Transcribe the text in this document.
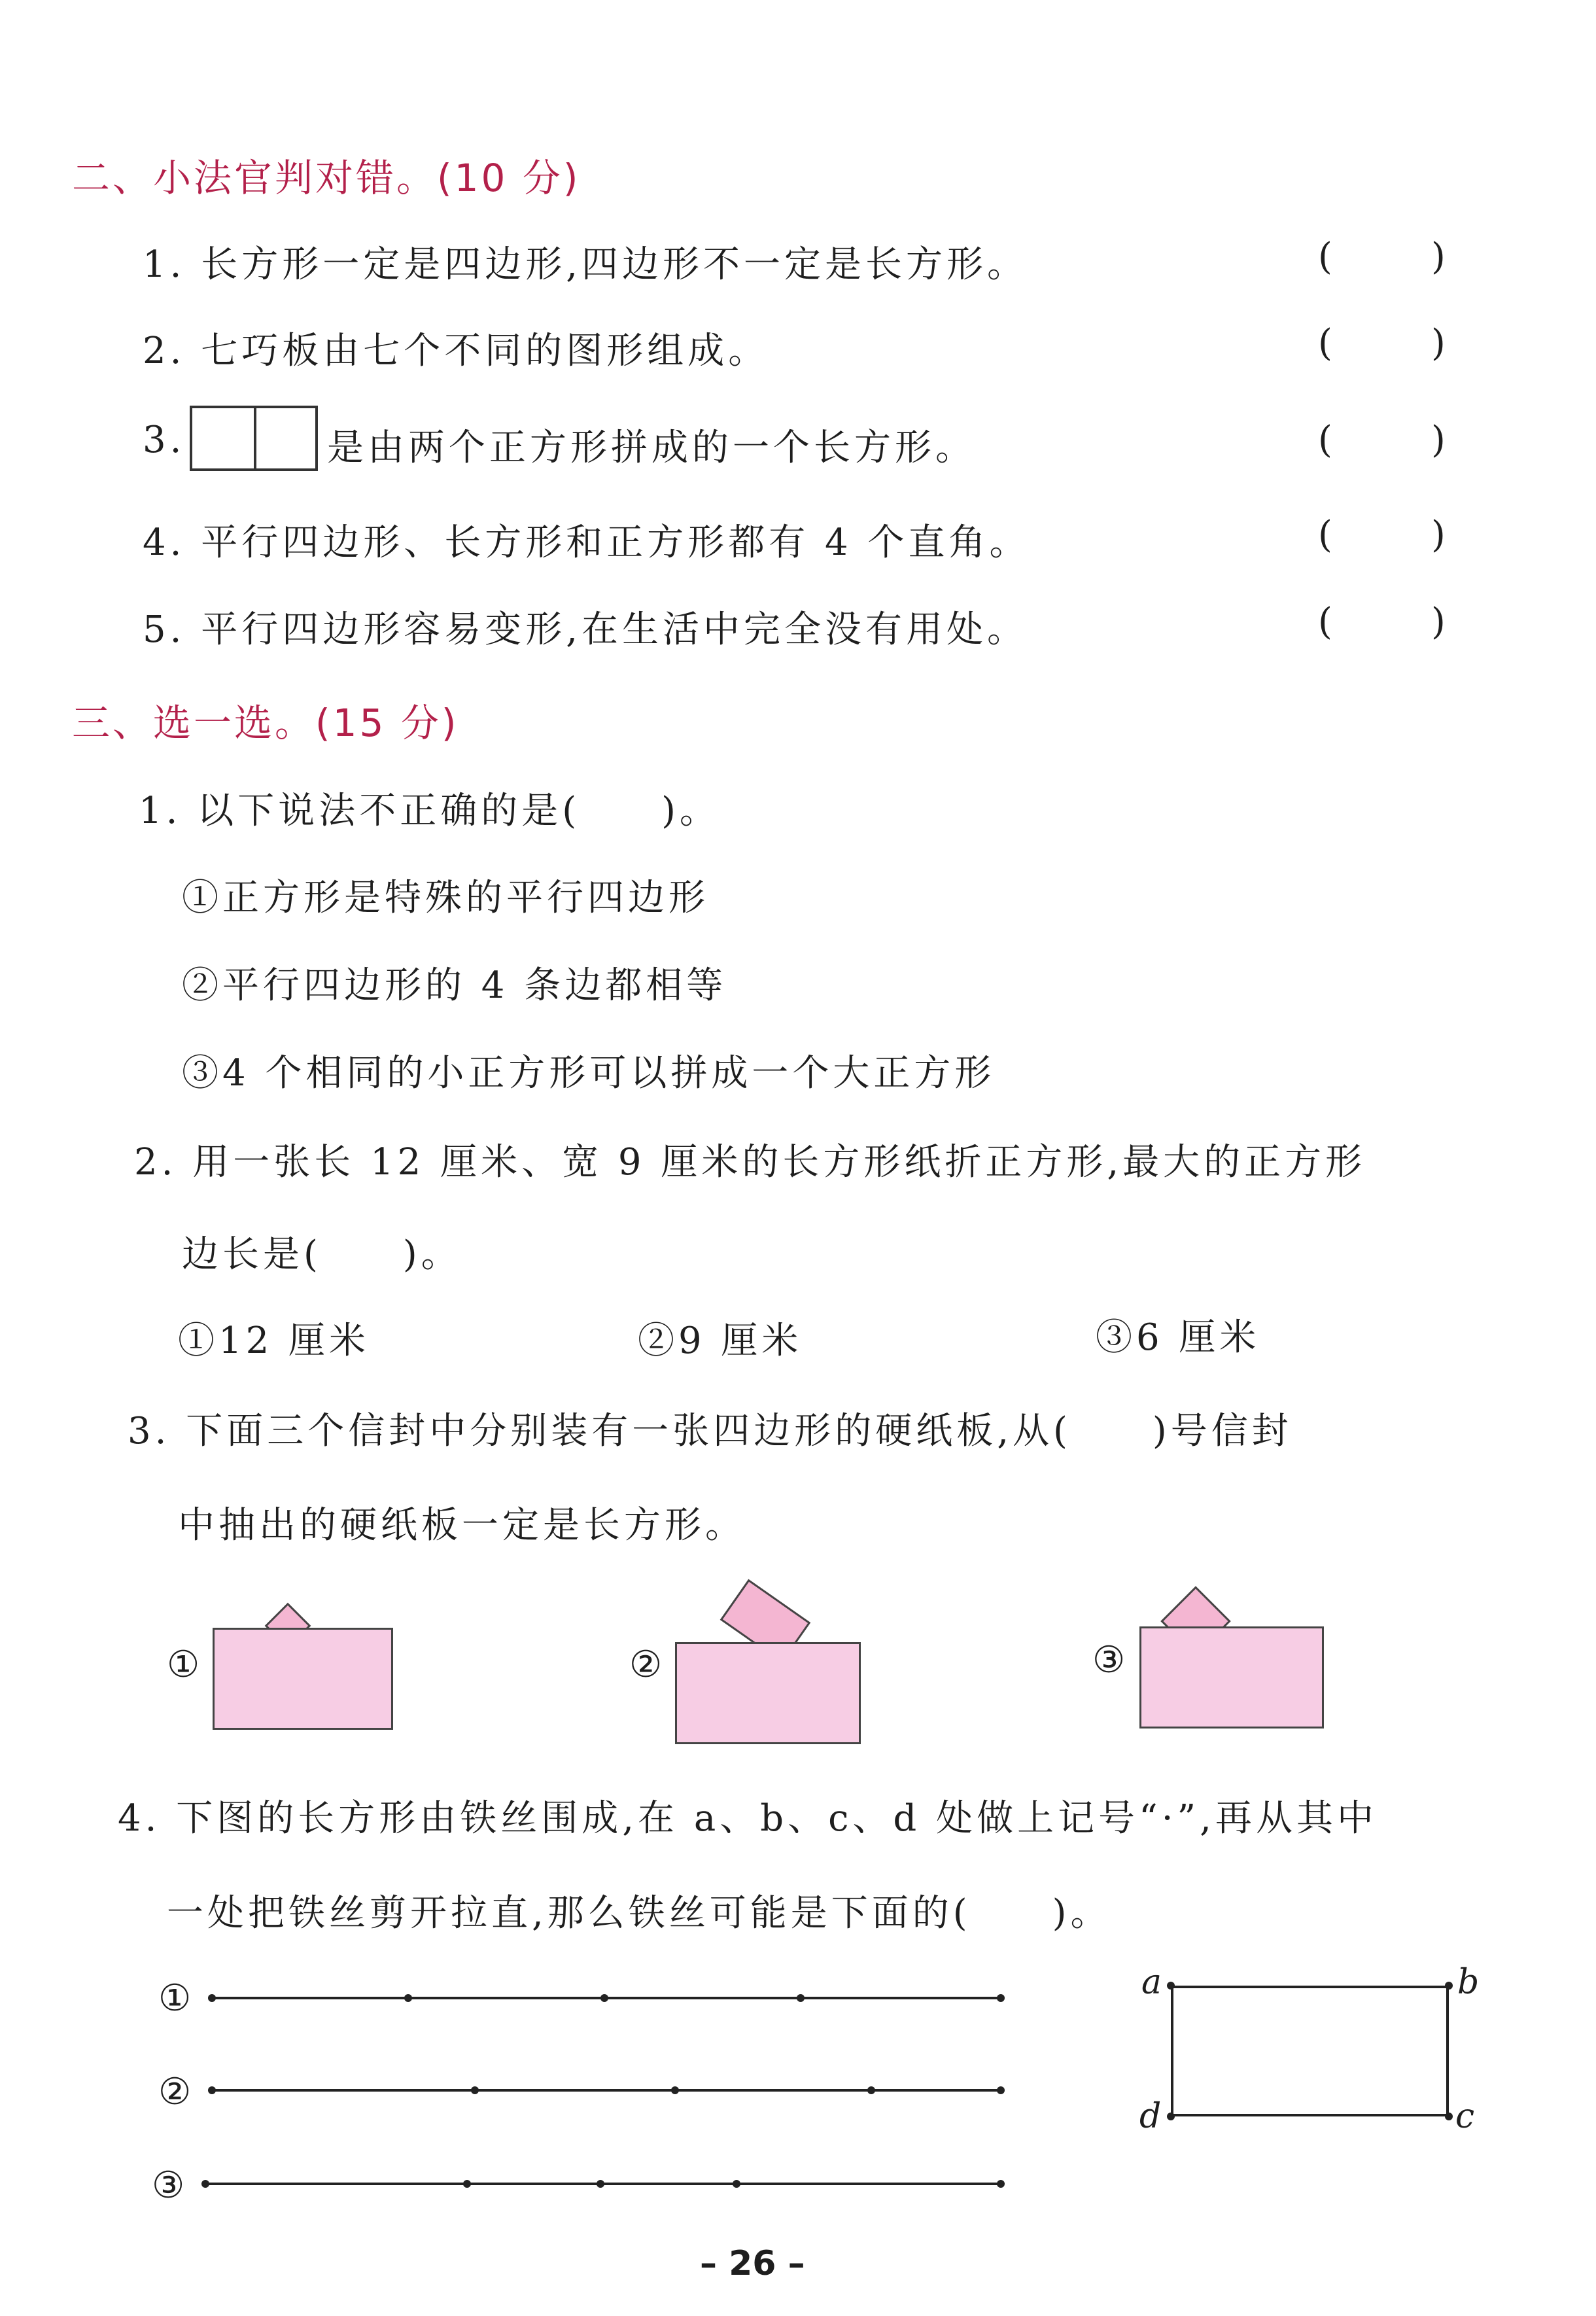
二、小法官判对错。(10 分)
1. 长方形一定是四边形,四边形不一定是长方形。	(	)
2. 七巧板由七个不同的图形组成。	(	)
3.	是由两个正方形拼成的一个长方形。	(	)
4. 平行四边形、长方形和正方形都有 4 个直角。	(	)
5. 平行四边形容易变形,在生活中完全没有用处。	(	)
三、选一选。(15 分)
1. 以下说法不正确的是(　　)。
①正方形是特殊的平行四边形
②平行四边形的 4 条边都相等
③4 个相同的小正方形可以拼成一个大正方形
2. 用一张长 12 厘米、宽 9 厘米的长方形纸折正方形,最大的正方形
边长是(　　)。
①12 厘米	②9 厘米	③6 厘米
3. 下面三个信封中分别装有一张四边形的硬纸板,从(　　)号信封
中抽出的硬纸板一定是长方形。
①	②	③
4. 下图的长方形由铁丝围成,在 a、b、c、d 处做上记号“·”,再从其中
一处把铁丝剪开拉直,那么铁丝可能是下面的(　　)。
①
②
③
a	b
c
d
– 26 –
